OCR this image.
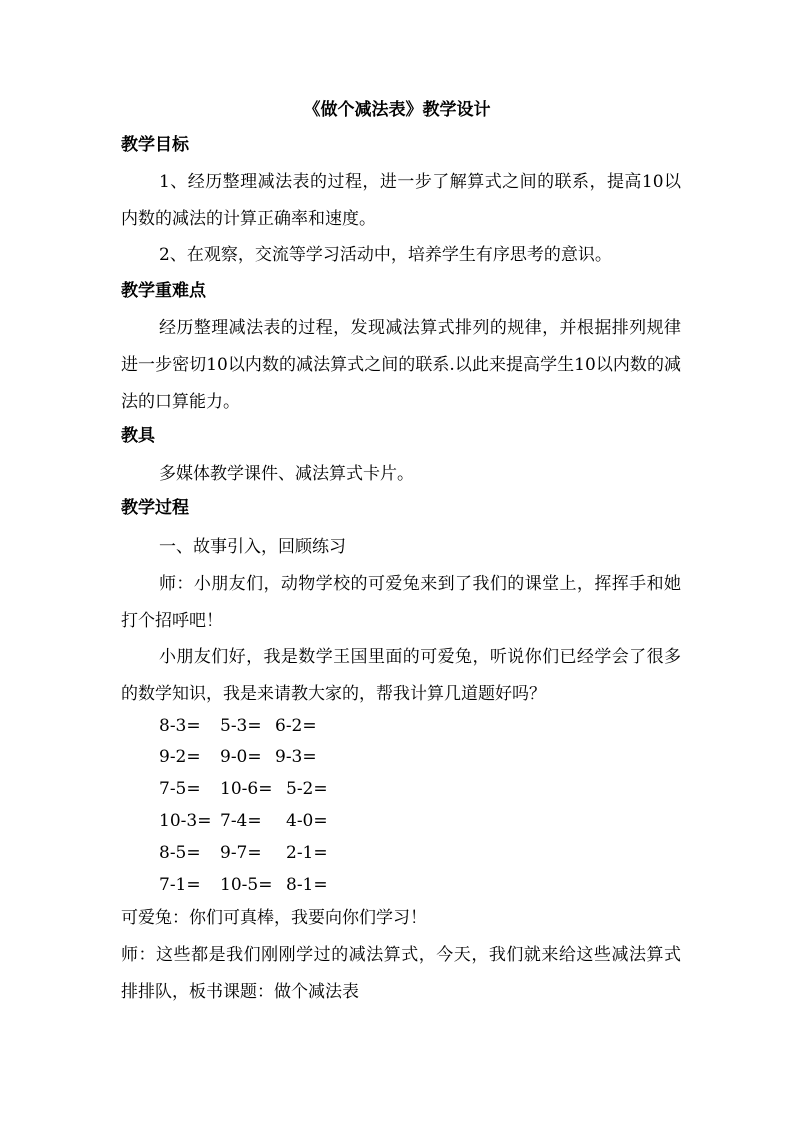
《做个减法表》教学设计
教学目标

1、经历整理减法表的过程，进一步了解算式之间的联系，提高10以内数的减法的计算正确率和速度。

2、在观察，交流等学习活动中，培养学生有序思考的意识。

教学重难点

经历整理减法表的过程，发现减法算式排列的规律，并根据排列规律进一步密切10以内数的减法算式之间的联系.以此来提高学生10以内数的减法的口算能力。

教具

多媒体教学课件、减法算式卡片。

教学过程

一、故事引入，回顾练习

师：小朋友们，动物学校的可爱兔来到了我们的课堂上，挥挥手和她打个招呼吧！

小朋友们好，我是数学王国里面的可爱兔，听说你们已经学会了很多的数学知识，我是来请教大家的，帮我计算几道题好吗？

8-3= 5-3= 6-2=
9-2= 9-0= 9-3=
7-5= 10-6= 5-2=
10-3= 7-4= 4-0=
8-5= 9-7= 2-1=
7-1= 10-5= 8-1=

可爱兔：你们可真棒，我要向你们学习！

师：这些都是我们刚刚学过的减法算式，今天，我们就来给这些减法算式排排队，板书课题：做个减法表
